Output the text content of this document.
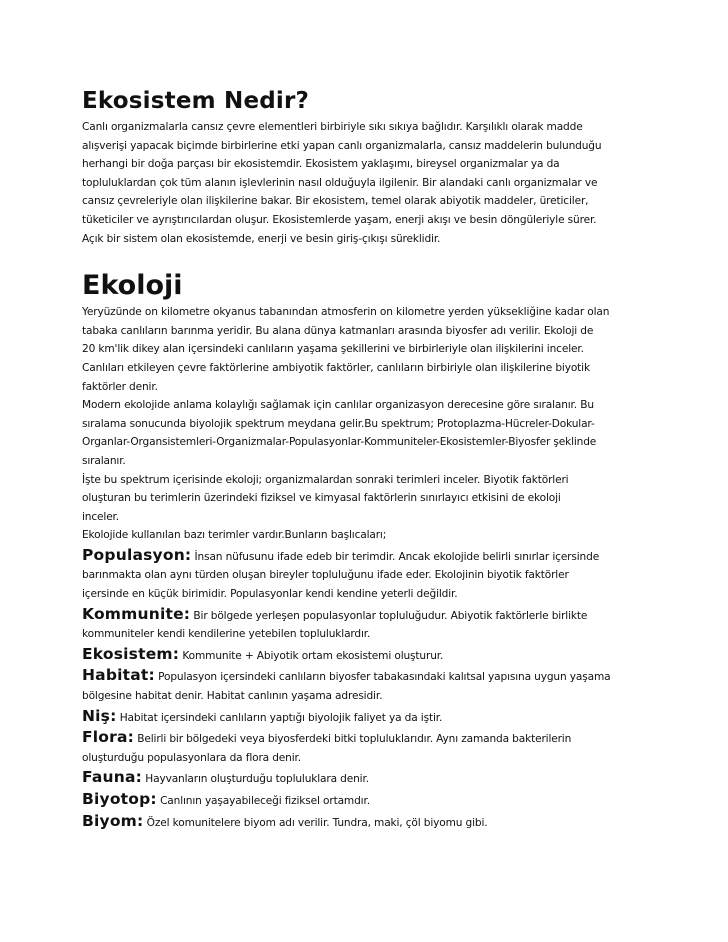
Ekosistem Nedir?
Canlı organizmalarla cansız çevre elementleri birbiriyle sıkı sıkıya bağlıdır. Karşılıklı olarak madde
alışverişi yapacak biçimde birbirlerine etki yapan canlı organizmalarla, cansız maddelerin bulunduğu
herhangi bir doğa parçası bir ekosistemdir. Ekosistem yaklaşımı, bireysel organizmalar ya da
topluluklardan çok tüm alanın işlevlerinin nasıl olduğuyla ilgilenir. Bir alandaki canlı organizmalar ve
cansız çevreleriyle olan ilişkilerine bakar. Bir ekosistem, temel olarak abiyotik maddeler, üreticiler,
tüketiciler ve ayrıştırıcılardan oluşur. Ekosistemlerde yaşam, enerji akışı ve besin döngüleriyle sürer.
Açık bir sistem olan ekosistemde, enerji ve besin giriş-çıkışı süreklidir.
Ekoloji
Yeryüzünde on kilometre okyanus tabanından atmosferin on kilometre yerden yüksekliğine kadar olan
tabaka canlıların barınma yeridir. Bu alana dünya katmanları arasında biyosfer adı verilir. Ekoloji de
20 km'lik dikey alan içersindeki canlıların yaşama şekillerini ve birbirleriyle olan ilişkilerini inceler.
Canlıları etkileyen çevre faktörlerine ambiyotik faktörler, canlıların birbiriyle olan ilişkilerine biyotik
faktörler denir.
Modern ekolojide anlama kolaylığı sağlamak için canlılar organizasyon derecesine göre sıralanır. Bu
sıralama sonucunda biyolojik spektrum meydana gelir.Bu spektrum; Protoplazma-Hücreler-Dokular-
Organlar-Organsistemleri-Organizmalar-Populasyonlar-Kommuniteler-Ekosistemler-Biyosfer şeklinde
sıralanır.
İşte bu spektrum içerisinde ekoloji; organizmalardan sonraki terimleri inceler. Biyotik faktörleri
oluşturan bu terimlerin üzerindeki fiziksel ve kimyasal faktörlerin sınırlayıcı etkisini de ekoloji
inceler.
Ekolojide kullanılan bazı terimler vardır.Bunların başlıcaları;
Populasyon: İnsan nüfusunu ifade edeb bir terimdir. Ancak ekolojide belirli sınırlar içersinde
barınmakta olan aynı türden oluşan bireyler topluluğunu ifade eder. Ekolojinin biyotik faktörler
içersinde en küçük birimidir. Populasyonlar kendi kendine yeterli değildir.
Kommunite: Bir bölgede yerleşen populasyonlar topluluğudur. Abiyotik faktörlerle birlikte
kommuniteler kendi kendilerine yetebilen topluluklardır.
Ekosistem: Kommunite + Abiyotik ortam ekosistemi oluşturur.
Habitat: Populasyon içersindeki canlıların biyosfer tabakasındaki kalıtsal yapısına uygun yaşama
bölgesine habitat denir. Habitat canlının yaşama adresidir.
Niş: Habitat içersindeki canlıların yaptığı biyolojik faliyet ya da iştir.
Flora: Belirli bir bölgedeki veya biyosferdeki bitki topluluklarıdır. Aynı zamanda bakterilerin
oluşturduğu populasyonlara da flora denir.
Fauna: Hayvanların oluşturduğu topluluklara denir.
Biyotop: Canlının yaşayabileceği fiziksel ortamdır.
Biyom: Özel komunitelere biyom adı verilir. Tundra, maki, çöl biyomu gibi.
